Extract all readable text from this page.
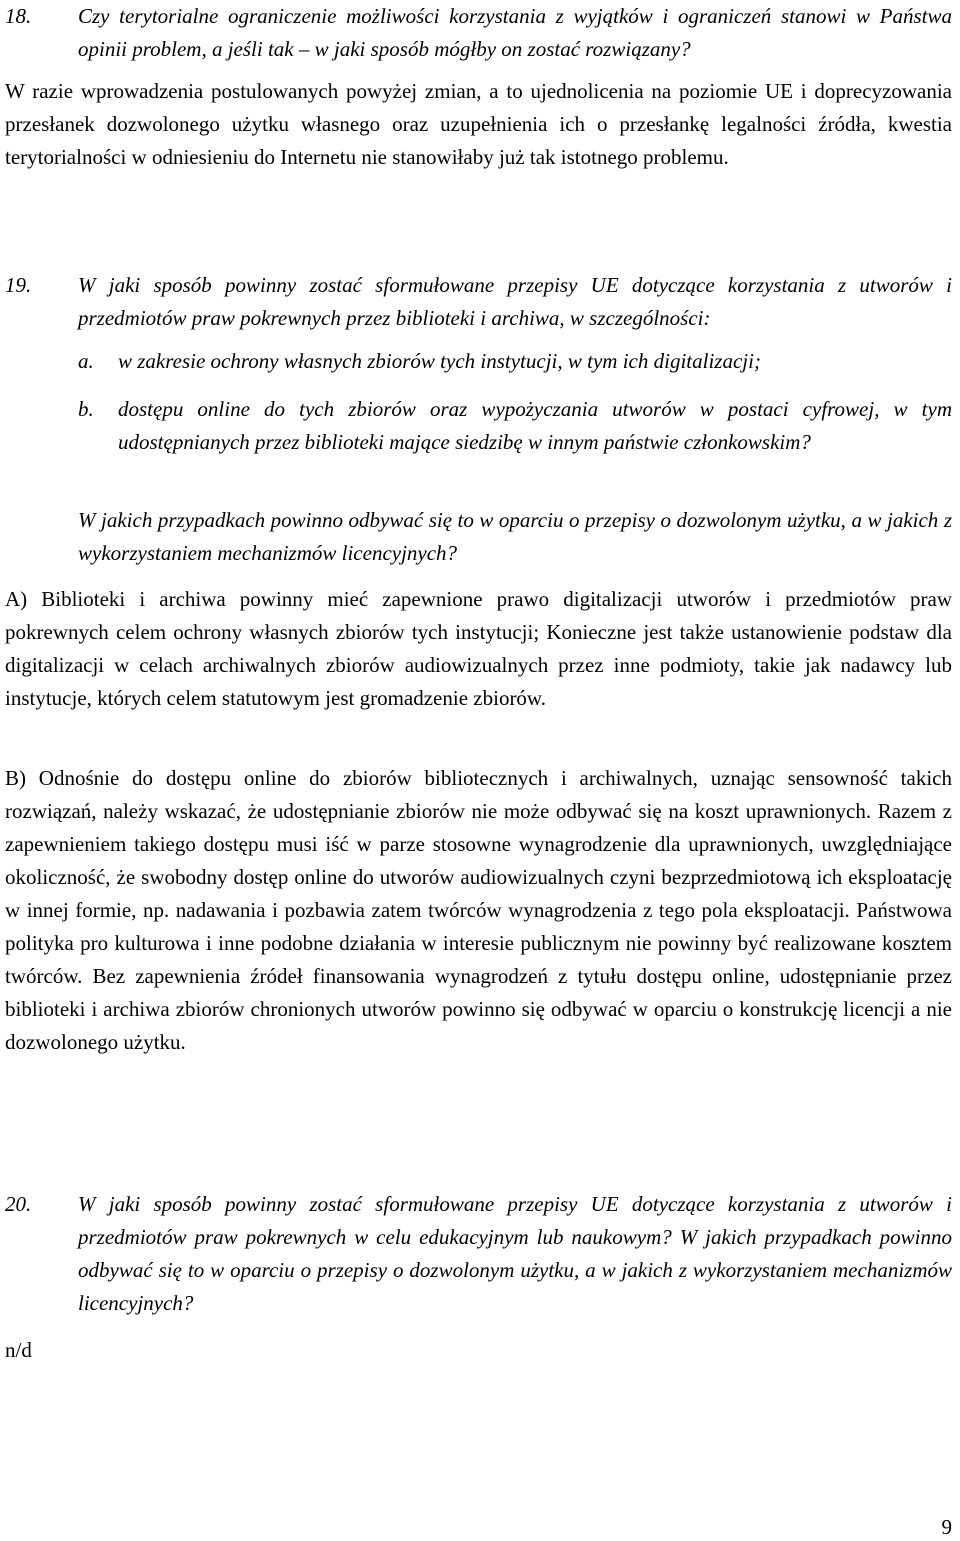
18. Czy terytorialne ograniczenie możliwości korzystania z wyjątków i ograniczeń stanowi w Państwa opinii problem, a jeśli tak – w jaki sposób mógłby on zostać rozwiązany?
W razie wprowadzenia postulowanych powyżej zmian, a to ujednolicenia na poziomie UE i doprecyzowania przesłanek dozwolonego użytku własnego oraz uzupełnienia ich o przesłankę legalności źródła, kwestia terytorialności w odniesieniu do Internetu nie stanowiłaby już tak istotnego problemu.
19. W jaki sposób powinny zostać sformułowane przepisy UE dotyczące korzystania z utworów i przedmiotów praw pokrewnych przez biblioteki i archiwa, w szczególności:
a. w zakresie ochrony własnych zbiorów tych instytucji, w tym ich digitalizacji;
b. dostępu online do tych zbiorów oraz wypożyczania utworów w postaci cyfrowej, w tym udostępnianych przez biblioteki mające siedzibę w innym państwie członkowskim?
W jakich przypadkach powinno odbywać się to w oparciu o przepisy o dozwolonym użytku, a w jakich z wykorzystaniem mechanizmów licencyjnych?
A) Biblioteki i archiwa powinny mieć zapewnione prawo digitalizacji utworów i przedmiotów praw pokrewnych celem ochrony własnych zbiorów tych instytucji; Konieczne jest także ustanowienie podstaw dla digitalizacji w celach archiwalnych zbiorów audiowizualnych przez inne podmioty, takie jak nadawcy lub instytucje, których celem statutowym jest gromadzenie zbiorów.
B) Odnośnie do dostępu online do zbiorów bibliotecznych i archiwalnych, uznając sensowność takich rozwiązań, należy wskazać, że udostępnianie zbiorów nie może odbywać się na koszt uprawnionych. Razem z zapewnieniem takiego dostępu musi iść w parze stosowne wynagrodzenie dla uprawnionych, uwzględniające okoliczność, że swobodny dostęp online do utworów audiowizualnych czyni bezprzedmiotową ich eksploatację w innej formie, np. nadawania i pozbawia zatem twórców wynagrodzenia z tego pola eksploatacji. Państwowa polityka pro kulturowa i inne podobne działania w interesie publicznym nie powinny być realizowane kosztem twórców. Bez zapewnienia źródeł finansowania wynagrodzeń z tytułu dostępu online, udostępnianie przez biblioteki i archiwa zbiorów chronionych utworów powinno się odbywać w oparciu o konstrukcję licencji a nie dozwolonego użytku.
20. W jaki sposób powinny zostać sformułowane przepisy UE dotyczące korzystania z utworów i przedmiotów praw pokrewnych w celu edukacyjnym lub naukowym? W jakich przypadkach powinno odbywać się to w oparciu o przepisy o dozwolonym użytku, a w jakich z wykorzystaniem mechanizmów licencyjnych?
n/d
9
